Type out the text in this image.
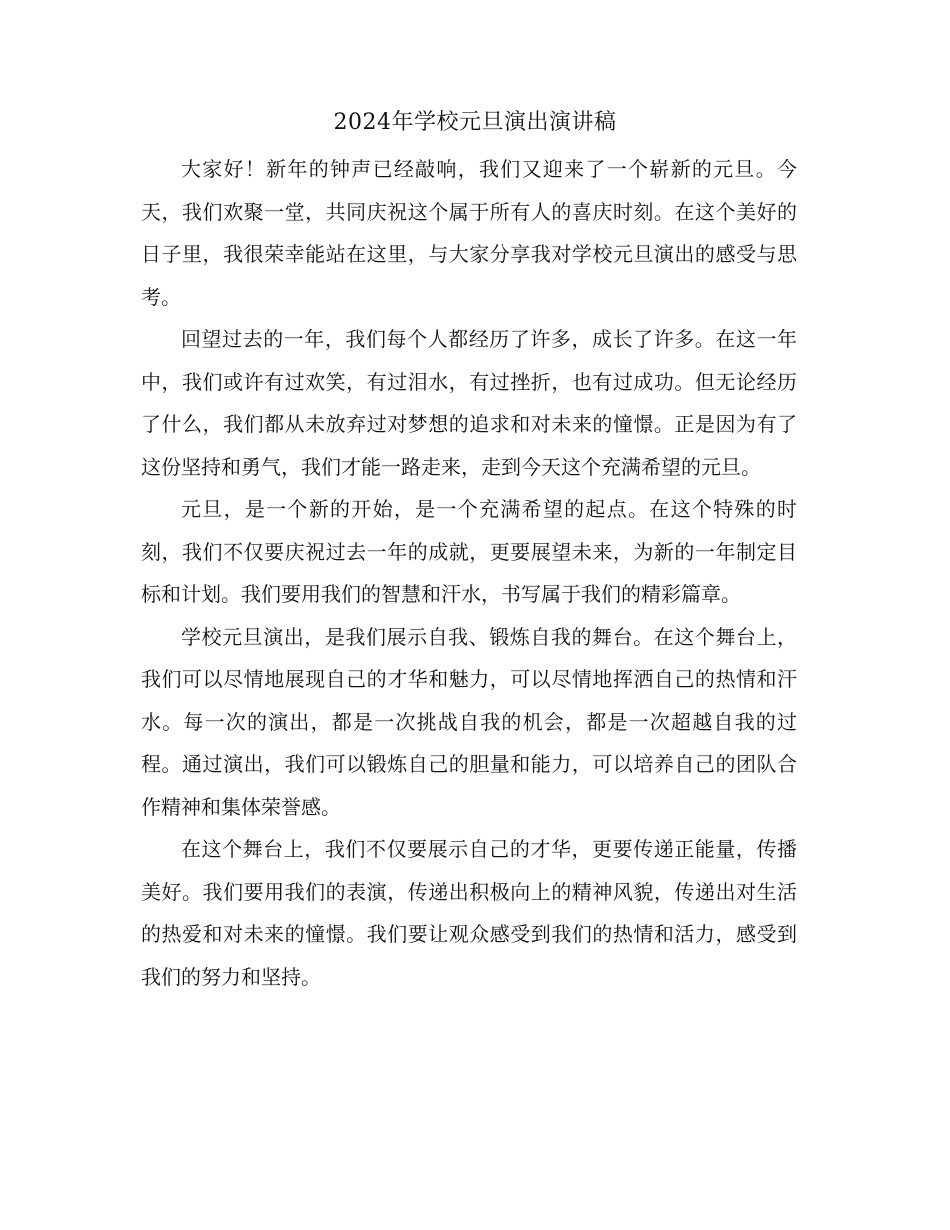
2024年学校元旦演出演讲稿

大家好！新年的钟声已经敲响，我们又迎来了一个崭新的元旦。今天，我们欢聚一堂，共同庆祝这个属于所有人的喜庆时刻。在这个美好的日子里，我很荣幸能站在这里，与大家分享我对学校元旦演出的感受与思考。

回望过去的一年，我们每个人都经历了许多，成长了许多。在这一年中，我们或许有过欢笑，有过泪水，有过挫折，也有过成功。但无论经历了什么，我们都从未放弃过对梦想的追求和对未来的憧憬。正是因为有了这份坚持和勇气，我们才能一路走来，走到今天这个充满希望的元旦。

元旦，是一个新的开始，是一个充满希望的起点。在这个特殊的时刻，我们不仅要庆祝过去一年的成就，更要展望未来，为新的一年制定目标和计划。我们要用我们的智慧和汗水，书写属于我们的精彩篇章。

学校元旦演出，是我们展示自我、锻炼自我的舞台。在这个舞台上，我们可以尽情地展现自己的才华和魅力，可以尽情地挥洒自己的热情和汗水。每一次的演出，都是一次挑战自我的机会，都是一次超越自我的过程。通过演出，我们可以锻炼自己的胆量和能力，可以培养自己的团队合作精神和集体荣誉感。

在这个舞台上，我们不仅要展示自己的才华，更要传递正能量，传播美好。我们要用我们的表演，传递出积极向上的精神风貌，传递出对生活的热爱和对未来的憧憬。我们要让观众感受到我们的热情和活力，感受到我们的努力和坚持。
